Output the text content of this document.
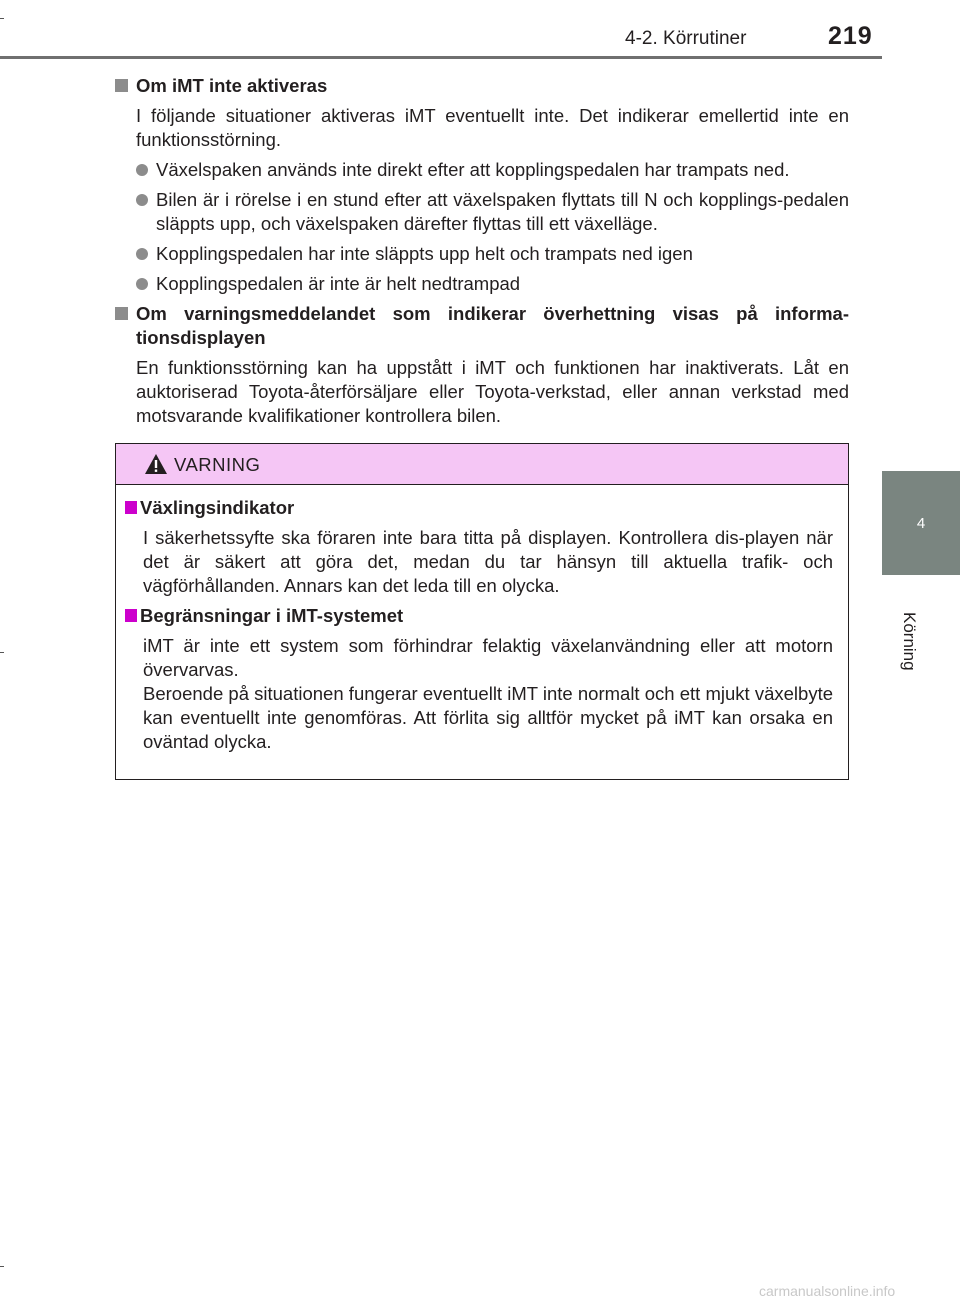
4-2. Körrutiner	219
4
Körning
Om iMT inte aktiveras
I följande situationer aktiveras iMT eventuellt inte. Det indikerar emellertid inte en funktionsstörning.
Växelspaken används inte direkt efter att kopplingspedalen har trampats ned.
Bilen är i rörelse i en stund efter att växelspaken flyttats till N och kopplings-pedalen släppts upp, och växelspaken därefter flyttas till ett växelläge.
Kopplingspedalen har inte släppts upp helt och trampats ned igen
Kopplingspedalen är inte är helt nedtrampad
Om varningsmeddelandet som indikerar överhettning visas på informa-tionsdisplayen
En funktionsstörning kan ha uppstått i iMT och funktionen har inaktiverats. Låt en auktoriserad Toyota-återförsäljare eller Toyota-verkstad, eller annan verkstad med motsvarande kvalifikationer kontrollera bilen.
VARNING
Växlingsindikator
I säkerhetssyfte ska föraren inte bara titta på displayen. Kontrollera dis-playen när det är säkert att göra det, medan du tar hänsyn till aktuella trafik- och vägförhållanden. Annars kan det leda till en olycka.
Begränsningar i iMT-systemet
iMT är inte ett system som förhindrar felaktig växelanvändning eller att motorn övervarvas.
Beroende på situationen fungerar eventuellt iMT inte normalt och ett mjukt växelbyte kan eventuellt inte genomföras. Att förlita sig alltför mycket på iMT kan orsaka en oväntad olycka.
carmanualsonline.info
